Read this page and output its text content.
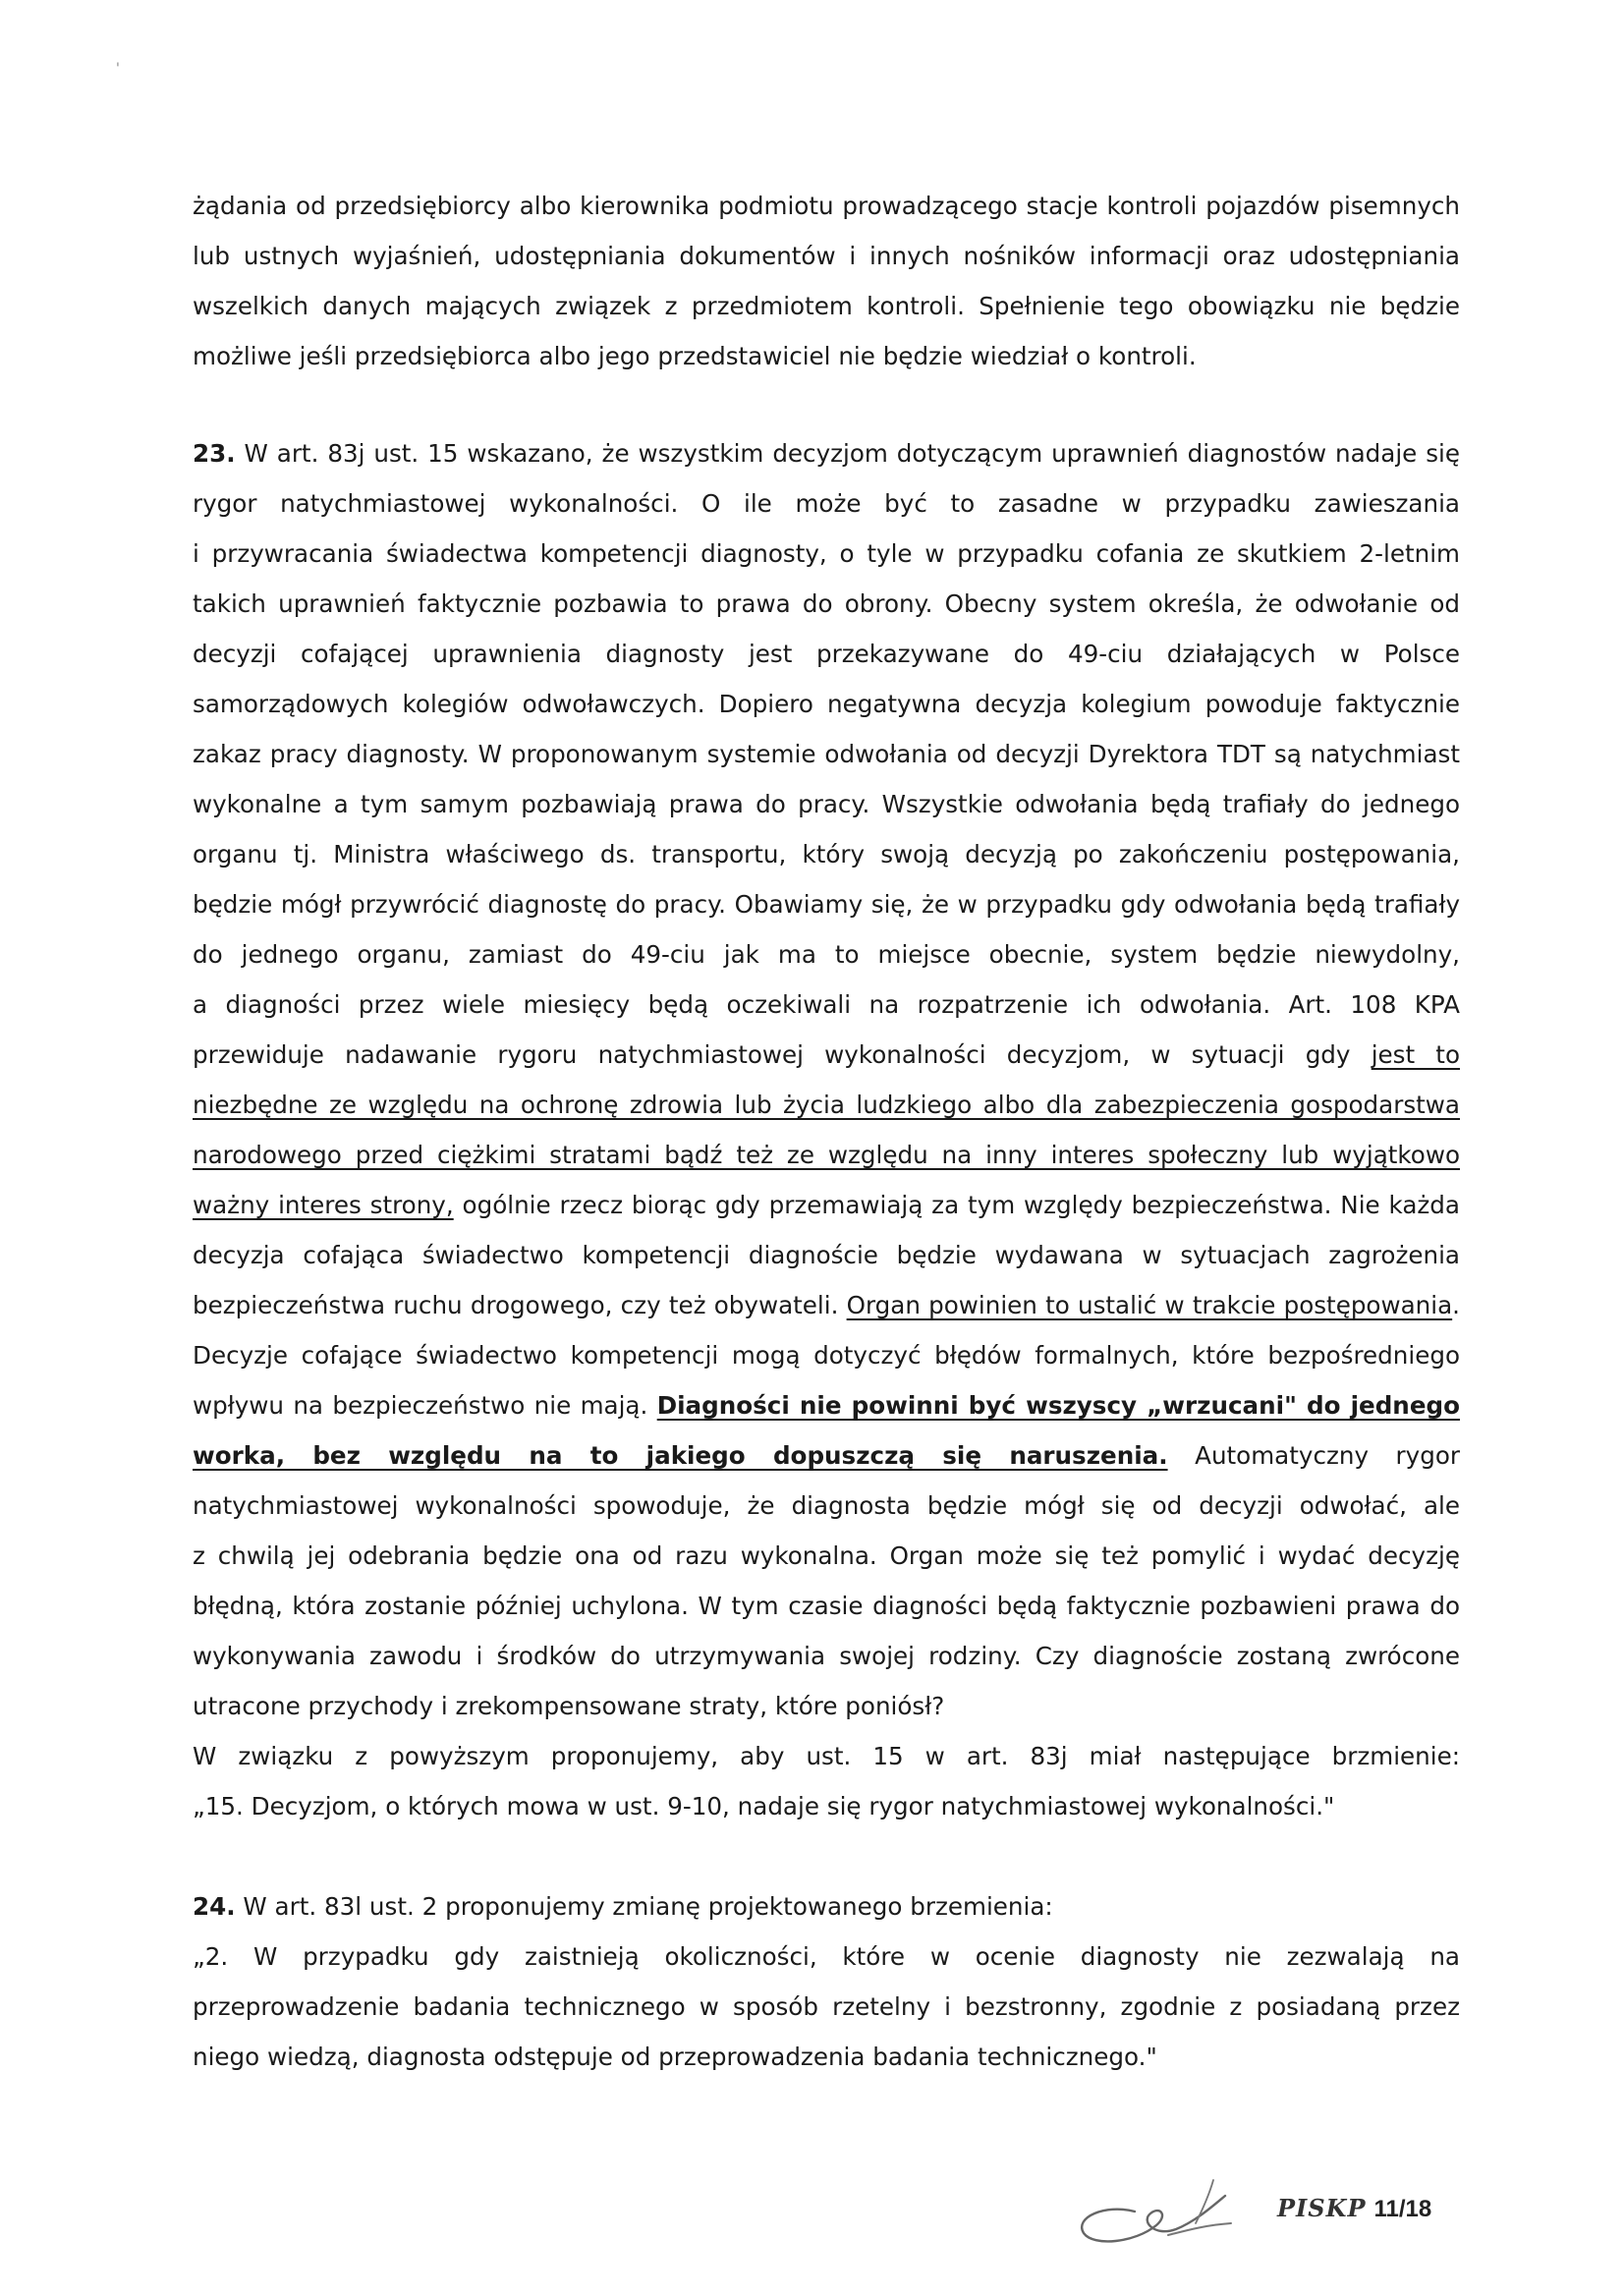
'
żądania od przedsiębiorcy albo kierownika podmiotu prowadzącego stacje kontroli pojazdów pisemnych
lub ustnych wyjaśnień, udostępniania dokumentów i innych nośników informacji oraz udostępniania
wszelkich danych mających związek z przedmiotem kontroli. Spełnienie tego obowiązku nie będzie
możliwe jeśli przedsiębiorca albo jego przedstawiciel nie będzie wiedział o kontroli.
23. W art. 83j ust. 15 wskazano, że wszystkim decyzjom dotyczącym uprawnień diagnostów nadaje się
rygor natychmiastowej wykonalności. O ile może być to zasadne w przypadku zawieszania
i przywracania świadectwa kompetencji diagnosty, o tyle w przypadku cofania ze skutkiem 2-letnim
takich uprawnień faktycznie pozbawia to prawa do obrony. Obecny system określa, że odwołanie od
decyzji cofającej uprawnienia diagnosty jest przekazywane do 49-ciu działających w Polsce
samorządowych kolegiów odwoławczych. Dopiero negatywna decyzja kolegium powoduje faktycznie
zakaz pracy diagnosty. W proponowanym systemie odwołania od decyzji Dyrektora TDT są natychmiast
wykonalne a tym samym pozbawiają prawa do pracy. Wszystkie odwołania będą trafiały do jednego
organu tj. Ministra właściwego ds. transportu, który swoją decyzją po zakończeniu postępowania,
będzie mógł przywrócić diagnostę do pracy. Obawiamy się, że w przypadku gdy odwołania będą trafiały
do jednego organu, zamiast do 49-ciu jak ma to miejsce obecnie, system będzie niewydolny,
a diagności przez wiele miesięcy będą oczekiwali na rozpatrzenie ich odwołania. Art. 108 KPA
przewiduje nadawanie rygoru natychmiastowej wykonalności decyzjom, w sytuacji gdy jest to
niezbędne ze względu na ochronę zdrowia lub życia ludzkiego albo dla zabezpieczenia gospodarstwa
narodowego przed ciężkimi stratami bądź też ze względu na inny interes społeczny lub wyjątkowo
ważny interes strony, ogólnie rzecz biorąc gdy przemawiają za tym względy bezpieczeństwa. Nie każda
decyzja cofająca świadectwo kompetencji diagnoście będzie wydawana w sytuacjach zagrożenia
bezpieczeństwa ruchu drogowego, czy też obywateli. Organ powinien to ustalić w trakcie postępowania.
Decyzje cofające świadectwo kompetencji mogą dotyczyć błędów formalnych, które bezpośredniego
wpływu na bezpieczeństwo nie mają. Diagności nie powinni być wszyscy „wrzucani" do jednego
worka, bez względu na to jakiego dopuszczą się naruszenia. Automatyczny rygor
natychmiastowej wykonalności spowoduje, że diagnosta będzie mógł się od decyzji odwołać, ale
z chwilą jej odebrania będzie ona od razu wykonalna. Organ może się też pomylić i wydać decyzję
błędną, która zostanie później uchylona. W tym czasie diagności będą faktycznie pozbawieni prawa do
wykonywania zawodu i środków do utrzymywania swojej rodziny. Czy diagnoście zostaną zwrócone
utracone przychody i zrekompensowane straty, które poniósł?
W związku z powyższym proponujemy, aby ust. 15 w art. 83j miał następujące brzmienie:
„15. Decyzjom, o których mowa w ust. 9-10, nadaje się rygor natychmiastowej wykonalności."
24. W art. 83l ust. 2 proponujemy zmianę projektowanego brzemienia:
„2. W przypadku gdy zaistnieją okoliczności, które w ocenie diagnosty nie zezwalają na
przeprowadzenie badania technicznego w sposób rzetelny i bezstronny, zgodnie z posiadaną przez
niego wiedzą, diagnosta odstępuje od przeprowadzenia badania technicznego."
PISKP 11/18
